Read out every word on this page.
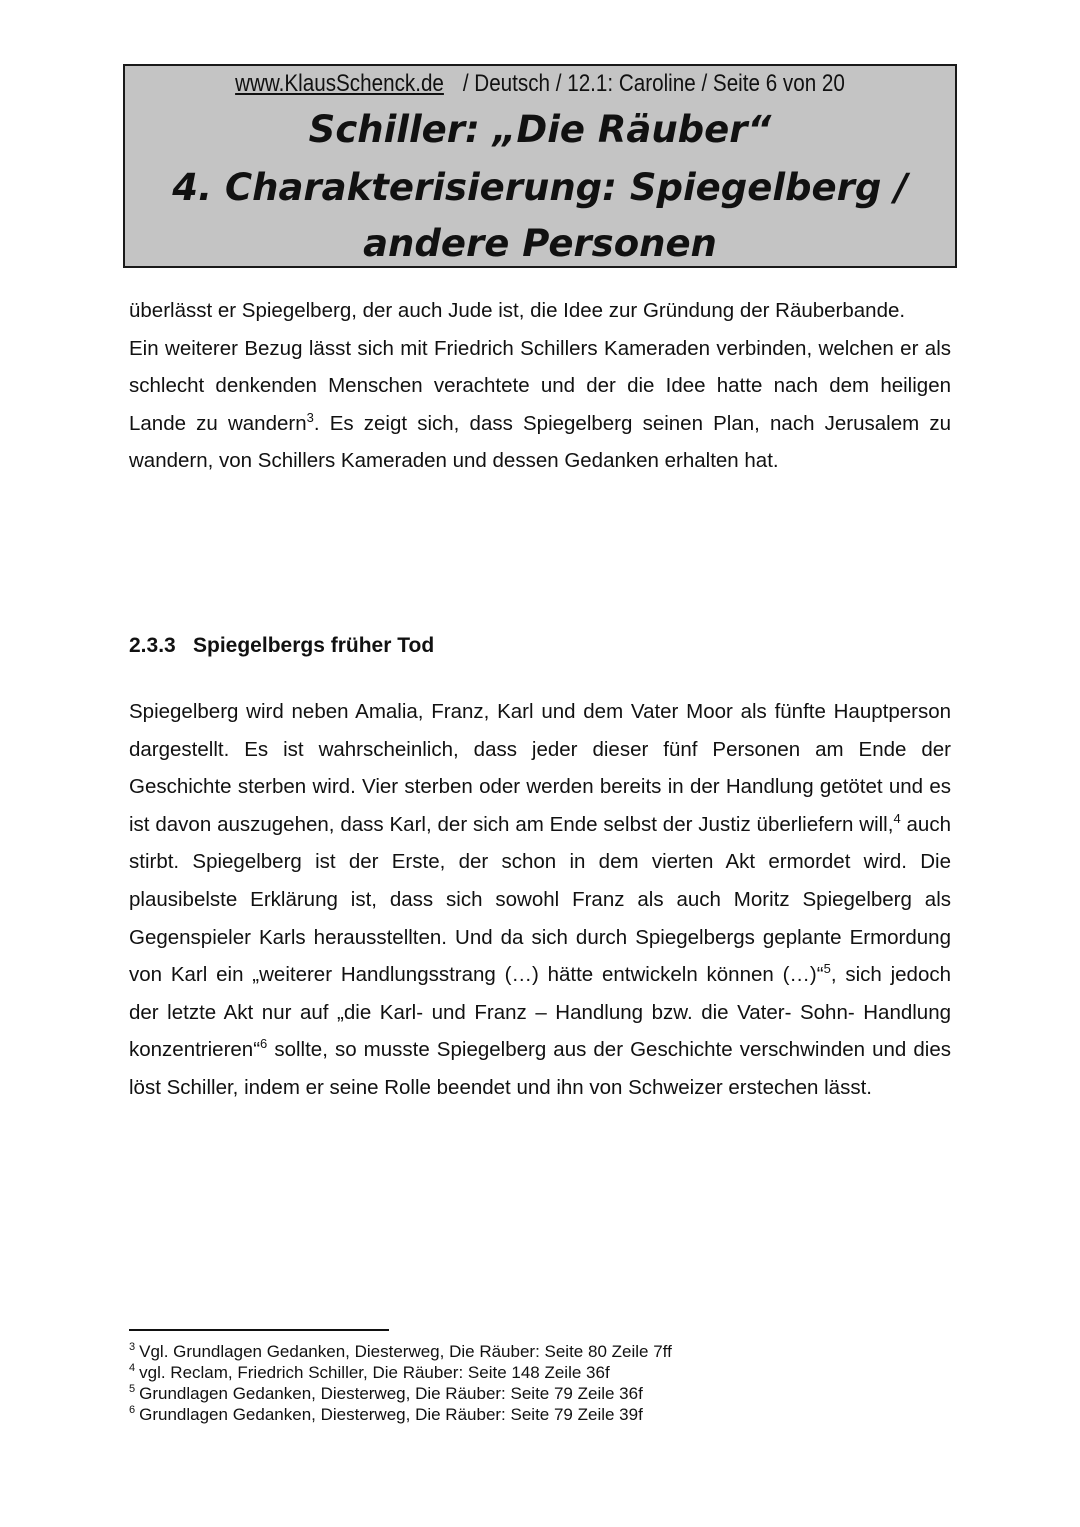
www.KlausSchenck.de / Deutsch / 12.1: Caroline / Seite 6 von 20
Schiller: „Die Räuber“
4. Charakterisierung: Spiegelberg /
andere Personen

überlässt er Spiegelberg, der auch Jude ist, die Idee zur Gründung der Räuberbande.

Ein weiterer Bezug lässt sich mit Friedrich Schillers Kameraden verbinden, welchen er als schlecht denkenden Menschen verachtete und der die Idee hatte nach dem heiligen Lande zu wandern$^3$. Es zeigt sich, dass Spiegelberg seinen Plan, nach Jerusalem zu wandern, von Schillers Kameraden und dessen Gedanken erhalten hat.

2.3.3 Spiegelbergs früher Tod

Spiegelberg wird neben Amalia, Franz, Karl und dem Vater Moor als fünfte Hauptperson dargestellt. Es ist wahrscheinlich, dass jeder dieser fünf Personen am Ende der Geschichte sterben wird. Vier sterben oder werden bereits in der Handlung getötet und es ist davon auszugehen, dass Karl, der sich am Ende selbst der Justiz überliefern will,$^4$ auch stirbt. Spiegelberg ist der Erste, der schon in dem vierten Akt ermordet wird. Die plausibelste Erklärung ist, dass sich sowohl Franz als auch Moritz Spiegelberg als Gegenspieler Karls herausstellten. Und da sich durch Spiegelbergs geplante Ermordung von Karl ein „weiterer Handlungsstrang (…) hätte entwickeln können (…)“$^5$, sich jedoch der letzte Akt nur auf „die Karl- und Franz – Handlung bzw. die Vater- Sohn- Handlung konzentrieren“$^6$ sollte, so musste Spiegelberg aus der Geschichte verschwinden und dies löst Schiller, indem er seine Rolle beendet und ihn von Schweizer erstechen lässt.

$^3$ Vgl. Grundlagen Gedanken, Diesterweg, Die Räuber: Seite 80 Zeile 7ff
$^4$ vgl. Reclam, Friedrich Schiller, Die Räuber: Seite 148 Zeile 36f
$^5$ Grundlagen Gedanken, Diesterweg, Die Räuber: Seite 79 Zeile 36f
$^6$ Grundlagen Gedanken, Diesterweg, Die Räuber: Seite 79 Zeile 39f
